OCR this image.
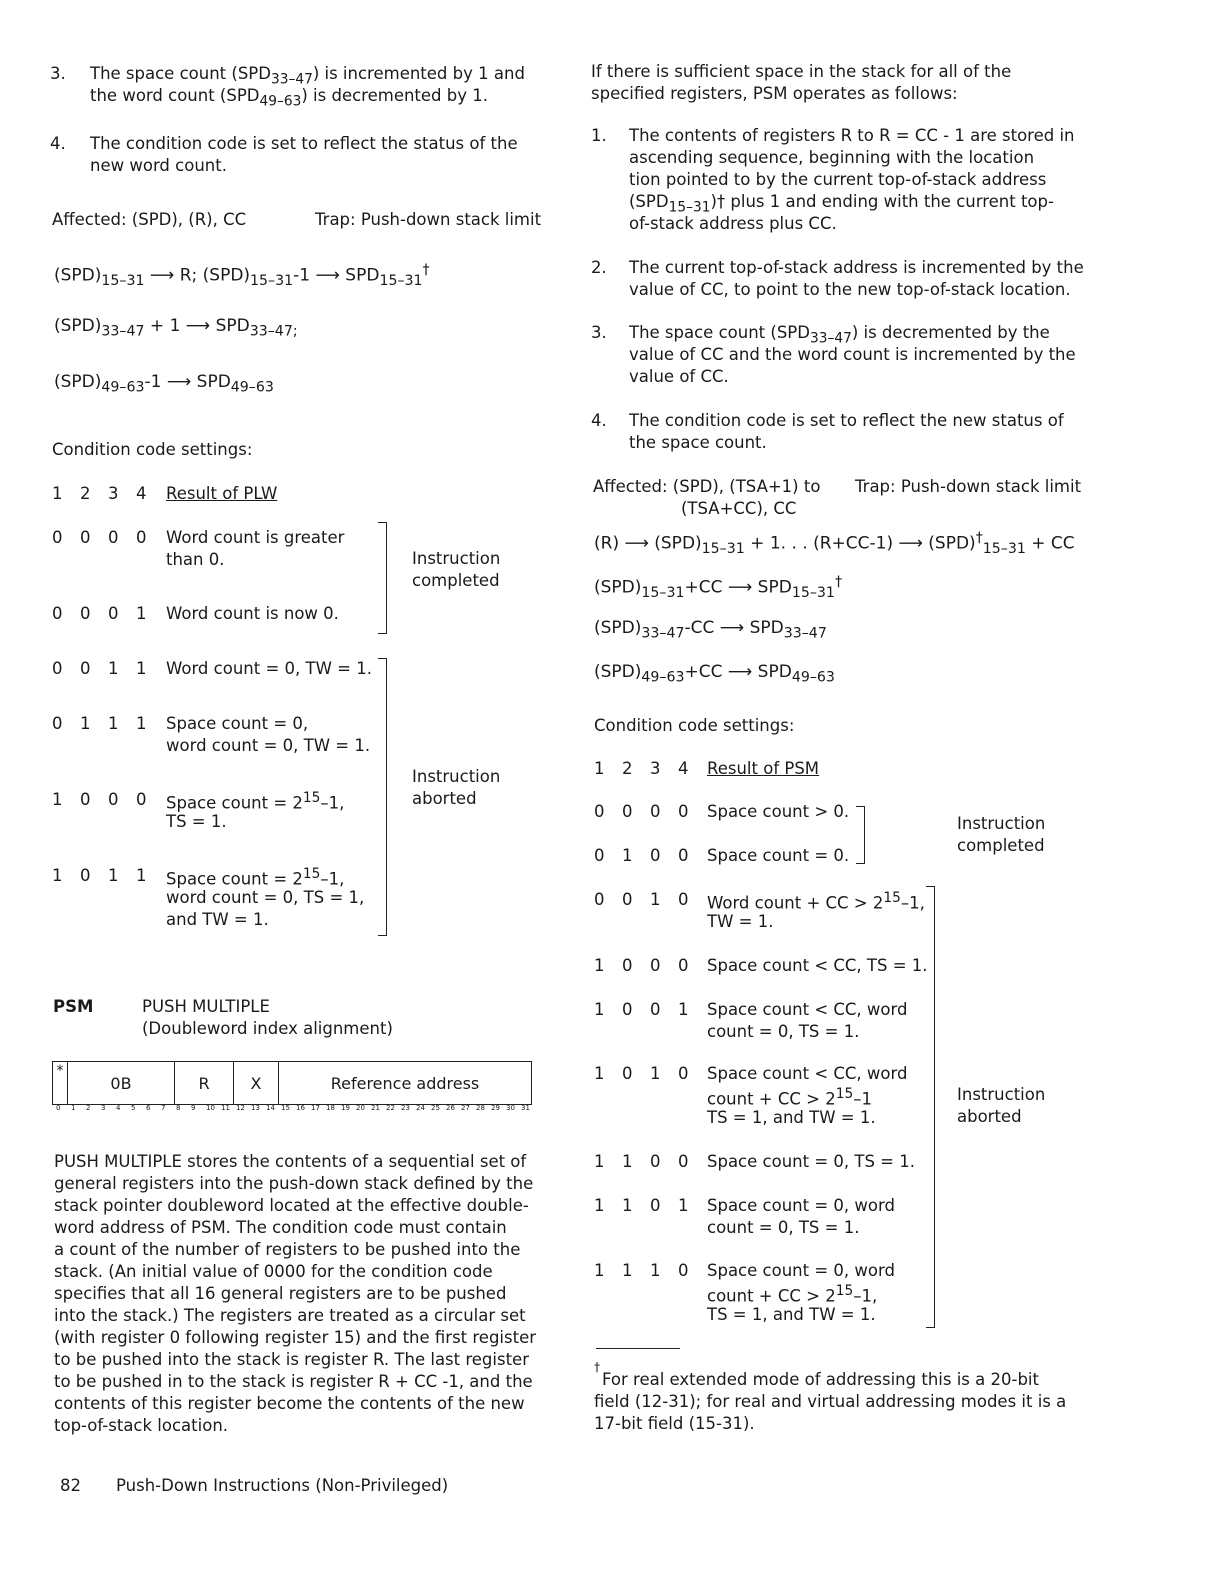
3. The space count $(SPD_{33-47})$ is incremented by 1 and
the word count $(SPD_{49-63})$ is decremented by 1.
4. The condition code is set to reflect the status of the
new word count.
Affected: (SPD), (R), CC	Trap: Push-down stack limit
$(SPD)_{15-31}$ ⟶ R; $(SPD)_{15-31}-1$ ⟶ $SPD_{15-31}^\dagger$
$(SPD)_{33-47} + 1$ ⟶ $SPD_{33-47;}$
$(SPD)_{49-63}-1$ ⟶ $SPD_{49-63}$
Condition code settings:
1 2 3 4	Result of PLW
0 0 0 0	Word count is greater
than 0.
0 0 0 1	Word count is now 0.
0 0 1 1	Word count = 0, TW = 1.
0 1 1 1	Space count = 0,
word count = 0, TW = 1.
1 0 0 0	Space count = $2^{15}-1$,
TS = 1.
1 0 1 1	Space count = $2^{15}-1$,
word count = 0, TS = 1,
and TW = 1.
Instruction
completed
Instruction
aborted
PSM	PUSH MULTIPLE
(Doubleword index alignment)
*	0B	R	X	Reference address
0 1 2 3 4 5 6 7 8 9 10 11 12 13 14 15 16 17 18 19 20 21 22 23 24 25 26 27 28 29 30 31
PUSH MULTIPLE stores the contents of a sequential set of
general registers into the push-down stack defined by the
stack pointer doubleword located at the effective double-
word address of PSM. The condition code must contain
a count of the number of registers to be pushed into the
stack. (An initial value of 0000 for the condition code
specifies that all 16 general registers are to be pushed
into the stack.) The registers are treated as a circular set
(with register 0 following register 15) and the first register
to be pushed into the stack is register R. The last register
to be pushed in to the stack is register R + CC -1, and the
contents of this register become the contents of the new
top-of-stack location.
If there is sufficient space in the stack for all of the
specified registers, PSM operates as follows:
1. The contents of registers R to R = CC - 1 are stored in
ascending sequence, beginning with the location
tion pointed to by the current top-of-stack address
$(SPD_{15-31})\dagger$ plus 1 and ending with the current top-
of-stack address plus CC.
2. The current top-of-stack address is incremented by the
value of CC, to point to the new top-of-stack location.
3. The space count $(SPD_{33-47})$ is decremented by the
value of CC and the word count is incremented by the
value of CC.
4. The condition code is set to reflect the new status of
the space count.
Affected: (SPD), (TSA+1) to
(TSA+CC), CC
Trap: Push-down stack limit
(R) ⟶ $(SPD)_{15-31} + 1$. . . (R+CC-1) ⟶ $(SPD)^\dagger_{15-31}$ + CC
$(SPD)_{15-31}+CC$ ⟶ $SPD_{15-31}^\dagger$
$(SPD)_{33-47}-CC$ ⟶ $SPD_{33-47}$
$(SPD)_{49-63}+CC$ ⟶ $SPD_{49-63}$
Condition code settings:
1 2 3 4	Result of PSM
0 0 0 0	Space count > 0.
0 1 0 0	Space count = 0.
0 0 1 0	Word count + CC > $2^{15}-1$,
TW = 1.
1 0 0 0	Space count < CC, TS = 1.
1 0 0 1	Space count < CC, word
count = 0, TS = 1.
1 0 1 0	Space count < CC, word
count + CC > $2^{15}-1$
TS = 1, and TW = 1.
1 1 0 0	Space count = 0, TS = 1.
1 1 0 1	Space count = 0, word
count = 0, TS = 1.
1 1 1 0	Space count = 0, word
count + CC > $2^{15}-1$,
TS = 1, and TW = 1.
Instruction
completed
Instruction
aborted
†
For real extended mode of addressing this is a 20-bit
field (12-31); for real and virtual addressing modes it is a
17-bit field (15-31).
82 Push-Down Instructions (Non-Privileged)
